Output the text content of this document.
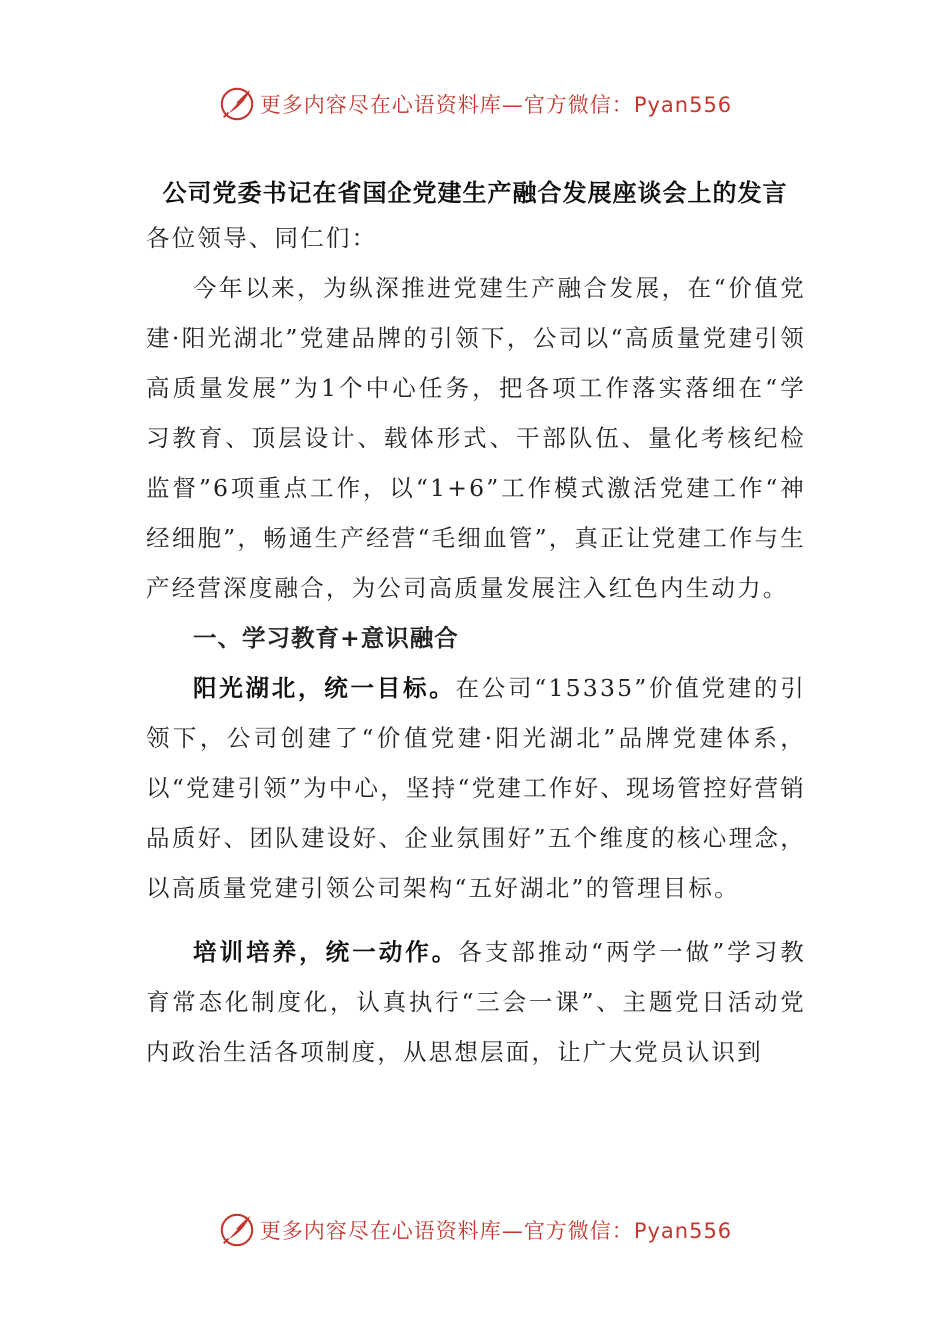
更多内容尽在心语资料库—官方微信：Pyan556
公司党委书记在省国企党建生产融合发展座谈会上的发言

各位领导、同仁们：

今年以来，为纵深推进党建生产融合发展，在“价值党建·阳光湖北”党建品牌的引领下，公司以“高质量党建引领高质量发展”为1个中心任务，把各项工作落实落细在“学习教育、顶层设计、载体形式、干部队伍、量化考核纪检监督”6项重点工作，以“1+6”工作模式激活党建工作“神经细胞”，畅通生产经营“毛细血管”，真正让党建工作与生产经营深度融合，为公司高质量发展注入红色内生动力。

一、学习教育+意识融合

阳光湖北，统一目标。在公司“15335”价值党建的引领下，公司创建了“价值党建·阳光湖北”品牌党建体系，以“党建引领”为中心，坚持“党建工作好、现场管控好营销品质好、团队建设好、企业氛围好”五个维度的核心理念，以高质量党建引领公司架构“五好湖北”的管理目标。

培训培养，统一动作。各支部推动“两学一做”学习教育常态化制度化，认真执行“三会一课”、主题党日活动党内政治生活各项制度，从思想层面，让广大党员认识到

更多内容尽在心语资料库—官方微信：Pyan556
